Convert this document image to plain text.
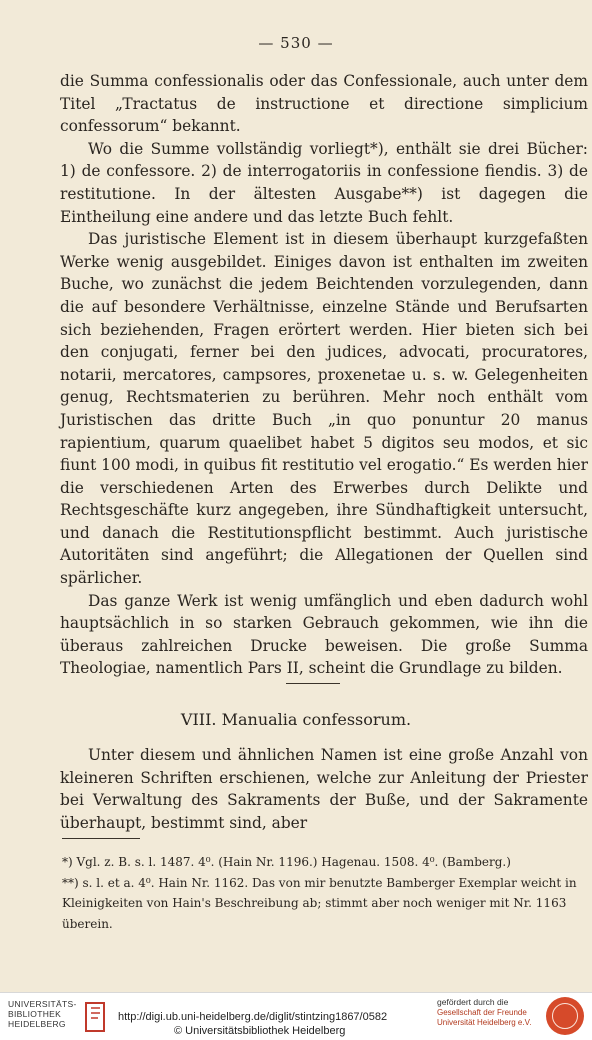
— 530 —

die Summa confessionalis oder das Confessionale, auch unter dem Titel „Tractatus de instructione et directione simplicium confessorum“ bekannt.

Wo die Summe vollständig vorliegt*), enthält sie drei Bücher: 1) de confessore. 2) de interrogatoriis in confessione fiendis. 3) de restitutione. In der ältesten Ausgabe**) ist dagegen die Eintheilung eine andere und das letzte Buch fehlt.

Das juristische Element ist in diesem überhaupt kurzgefaßten Werke wenig ausgebildet. Einiges davon ist enthalten im zweiten Buche, wo zunächst die jedem Beichtenden vorzulegenden, dann die auf besondere Verhältnisse, einzelne Stände und Berufsarten sich beziehenden, Fragen erörtert werden. Hier bieten sich bei den conjugati, ferner bei den judices, advocati, procuratores, notarii, mercatores, campsores, proxenetae u. s. w. Gelegenheiten genug, Rechtsmaterien zu berühren. Mehr noch enthält vom Juristischen das dritte Buch „in quo ponuntur 20 manus rapientium, quarum quaelibet habet 5 digitos seu modos, et sic fiunt 100 modi, in quibus fit restitutio vel erogatio.“ Es werden hier die verschiedenen Arten des Erwerbes durch Delikte und Rechtsgeschäfte kurz angegeben, ihre Sündhaftigkeit untersucht, und danach die Restitutionspflicht bestimmt. Auch juristische Autoritäten sind angeführt; die Allegationen der Quellen sind spärlicher.

Das ganze Werk ist wenig umfänglich und eben dadurch wohl hauptsächlich in so starken Gebrauch gekommen, wie ihn die überaus zahlreichen Drucke beweisen. Die große Summa Theologiae, namentlich Pars II, scheint die Grundlage zu bilden.

VIII. Manualia confessorum.
Unter diesem und ähnlichen Namen ist eine große Anzahl von kleineren Schriften erschienen, welche zur Anleitung der Priester bei Verwaltung des Sakraments der Buße, und der Sakramente überhaupt, bestimmt sind, aber

*) Vgl. z. B. s. l. 1487. 4⁰. (Hain Nr. 1196.) Hagenau. 1508. 4⁰. (Bamberg.)

**) s. l. et a. 4⁰. Hain Nr. 1162. Das von mir benutzte Bamberger Exemplar weicht in Kleinigkeiten von Hain's Beschreibung ab; stimmt aber noch weniger mit Nr. 1163 überein.

UNIVERSITÄTS-
BIBLIOTHEK
HEIDELBERG
http://digi.ub.uni-heidelberg.de/diglit/stintzing1867/0582
© Universitätsbibliothek Heidelberg
gefördert durch die
Gesellschaft der Freunde
Universität Heidelberg e.V.
